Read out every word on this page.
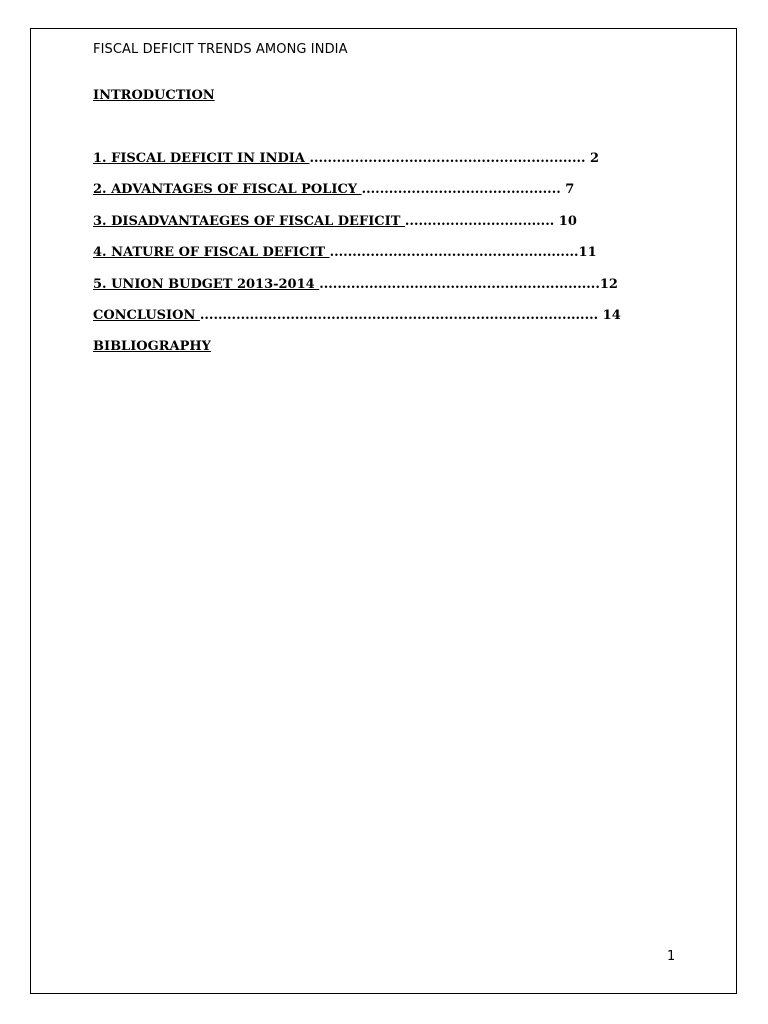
FISCAL DEFICIT TRENDS AMONG INDIA
INTRODUCTION
1. FISCAL DEFICIT IN INDIA ............................................................. 2
2. ADVANTAGES OF FISCAL POLICY ............................................ 7
3. DISADVANTAEGES OF FISCAL DEFICIT ................................. 10
4. NATURE OF FISCAL DEFICIT .......................................................11
5. UNION BUDGET 2013-2014 ..............................................................12
CONCLUSION ........................................................................................ 14
BIBLIOGRAPHY
1
